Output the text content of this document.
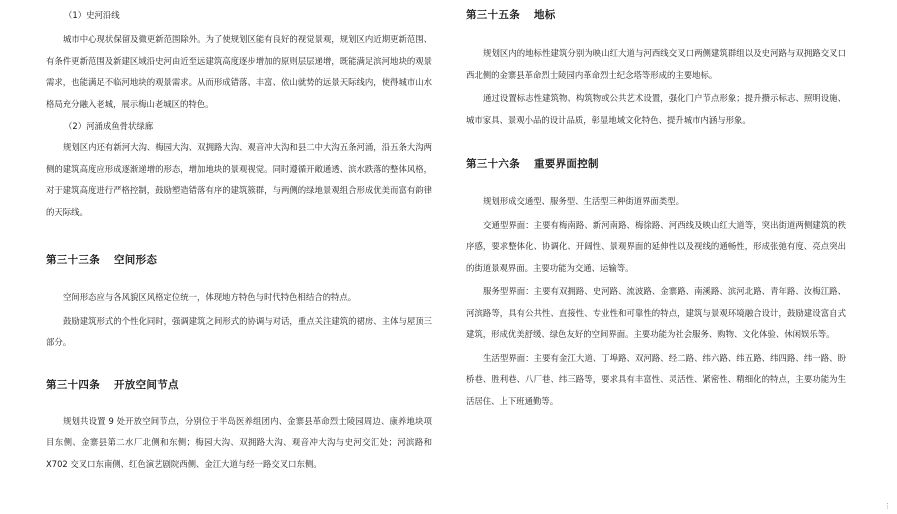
（1）史河沿线

城市中心现状保留及微更新范围除外。为了使规划区能有良好的视觉景观，规划区内近期更新范围、有条件更新范围及新建区域沿史河由近至远建筑高度逐步增加的原则层层递增，既能满足滨河地块的观景需求，也能满足不临河地块的观景需求。从而形成错落、丰富、依山就势的远景天际线内，使得城市山水格局充分融入老城，展示梅山老城区的特色。

（2）河涌成鱼骨状绿廊

规划区内还有新河大沟、梅园大沟、双拥路大沟、观音冲大沟和县二中大沟五条河涌，沿五条大沟两侧的建筑高度应形成逐渐递增的形态，增加地块的景观视觉。同时遵循开敞通透、滨水跌落的整体风格，对于建筑高度进行严格控制，鼓励塑造错落有序的建筑簇群，与两侧的绿地景观组合形成优美而富有韵律的天际线。

第三十三条 空间形态

空间形态应与各风貌区风格定位统一，体现地方特色与时代特色相结合的特点。

鼓励建筑形式的个性化同时，强调建筑之间形式的协调与对话，重点关注建筑的裙房、主体与屋顶三部分。

第三十四条 开放空间节点

规划共设置 9 处开放空间节点，分别位于半岛医养组团内、金寨县革命烈士陵园周边、康养地块项目东侧、金寨县第二水厂北侧和东侧；梅园大沟、双拥路大沟、观音冲大沟与史河交汇处；河滨路和 X702 交叉口东南侧、红色演艺剧院西侧、金江大道与经一路交叉口东侧。

第三十五条 地标

规划区内的地标性建筑分别为映山红大道与河西线交叉口两侧建筑群组以及史河路与双拥路交叉口西北侧的金寨县革命烈士陵园内革命烈士纪念塔等形成的主要地标。

通过设置标志性建筑物、构筑物或公共艺术设置，强化门户节点形象；提升攒示标志、照明设施、城市家具、景观小品的设计品质，彰显地域文化特色、提升城市内涵与形象。

第三十六条 重要界面控制

规划形成交通型、服务型、生活型三种街道界面类型。

交通型界面：主要有梅南路、新河南路、梅徐路、河西线及映山红大道等，突出街道两侧建筑的秩序感，要求整体化、协调化、开阔性、景观界面的延伸性以及视线的通畅性，形成张弛有度、亮点突出的街道景观界面。主要功能为交通、运输等。

服务型界面：主要有双拥路、史河路、流波路、金寨路、南溪路、滨河北路、青年路、汝梅江路、河滨路等，具有公共性、直接性、专业性和可靠性的特点，建筑与景观环境融合设计，鼓励建设富自式建筑，形成优美舒缓、绿色友好的空间界面。主要功能为社会服务、购物、文化体验、休闲娱乐等。

生活型界面：主要有金江大道、丁埠路、双河路、经二路、纬六路、纬五路、纬四路、纬一路、盼桥巷、胜利巷、八厂巷、纬三路等，要求具有丰富性、灵活性、紧密性、精细化的特点，主要功能为生活居住、上下班通勤等。

⋮
